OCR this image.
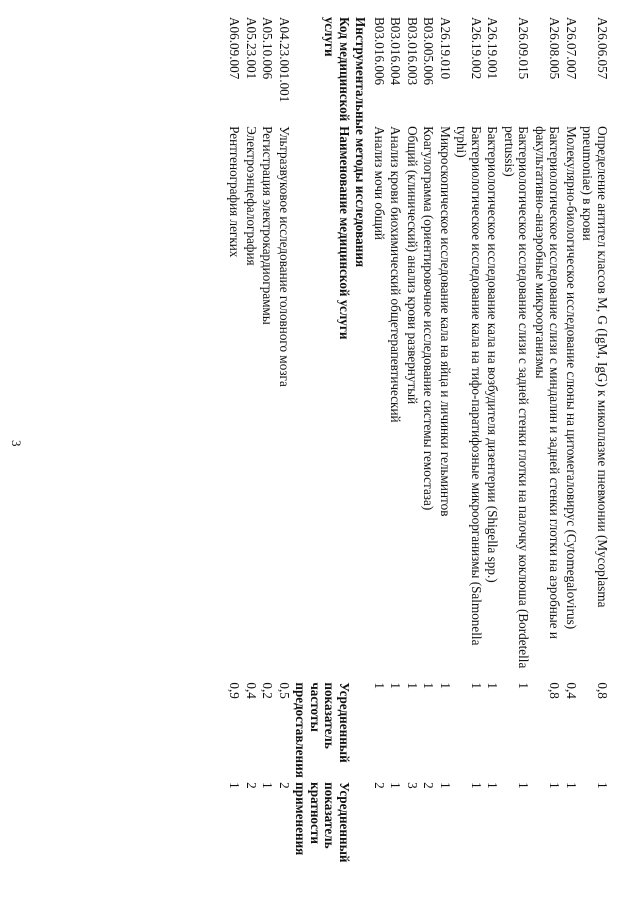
3
A26.06.057	Определение антител классов M, G (IgM, IgG) к микоплазме пневмонии (Mycoplasma pneumoniae) в крови	0,8	1
A26.07.007	Молекулярно-биологическое исследование слюны на цитомегаловирус (Cytomegalovirus)	0,4	1
A26.08.005	Бактериологическое исследование слизи с миндалин и задней стенки глотки на аэробные и факультативно-анаэробные микроорганизмы	0,8	1
A26.09.015	Бактериологическое исследование слизи с задней стенки глотки на палочку коклюша (Bordetella pertussis)	1	1
A26.19.001	Бактериологическое исследование кала на возбудителя дизентерии (Shigella spp.)	1	1
A26.19.002	Бактериологическое исследование кала на тифо-паратифозные микроорганизмы (Salmonella typhi)	1	1
A26.19.010	Микроскопическое исследование кала на яйца и личинки гельминтов	1	1
B03.005.006	Коагулограмма (ориентировочное исследование системы гемостаза)	1	2
B03.016.003	Общий (клинический) анализ крови развернутый	1	3
B03.016.004	Анализ крови биохимический общетерапевтический	1	1
B03.016.006	Анализ мочи общий	1	2
Инструментальные методы исследования			
Код медицинской услуги	Наименование медицинской услуги	Усредненный показатель частоты предоставления	Усредненный показатель кратности применения
A04.23.001.001	Ультразвуковое исследование головного мозга	0,5	2
A05.10.006	Регистрация электрокардиограммы	0,2	1
A05.23.001	Электроэнцефалография	0,4	2
A06.09.007	Рентгенография легких	0,9	1
